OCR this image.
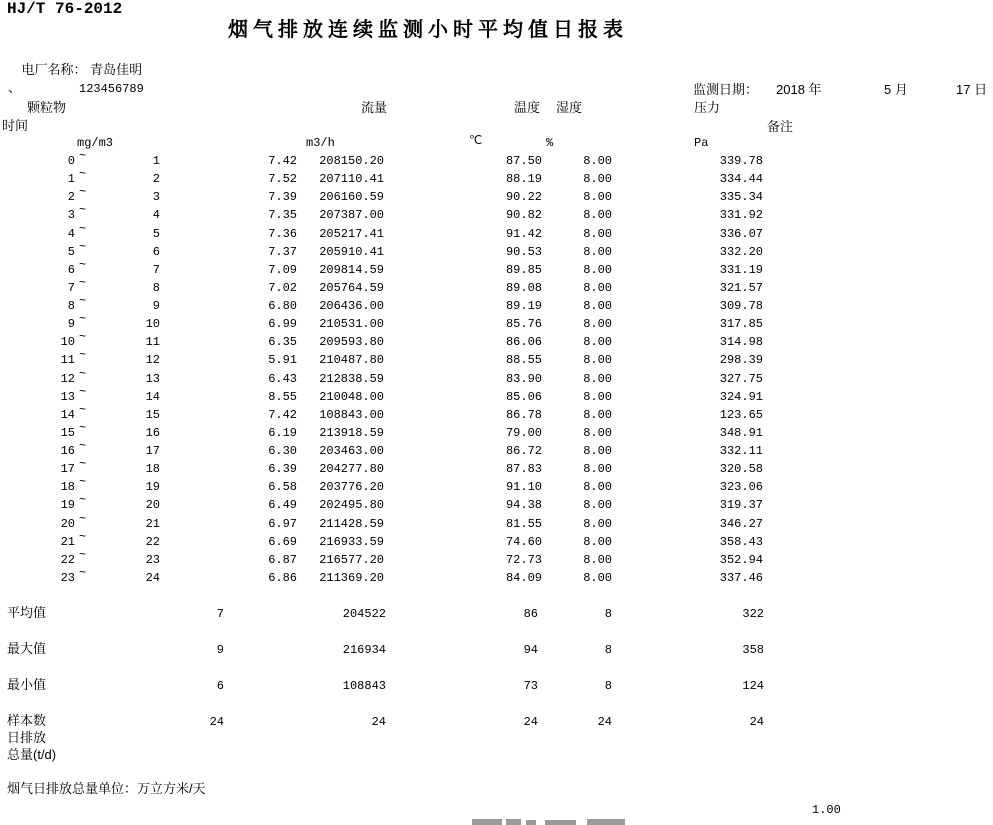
HJ/T 76-2012
烟气排放连续监测小时平均值日报表

电厂名称： 青岛佳明

、	123456789	监测日期： 2018 年	5 月	17 日
颗粒物	流量	温度 湿度	压力
时间	备注
mg/m3	m3/h	℃	%	Pa
0	1	7.42	208150.20	87.50	8.00	339.78
~
1	2	7.52	207110.41	88.19	8.00	334.44
~
2	3	7.39	206160.59	90.22	8.00	335.34
~
3	4	7.35	207387.00	90.82	8.00	331.92
~
4	5	7.36	205217.41	91.42	8.00	336.07
~
5	6	7.37	205910.41	90.53	8.00	332.20
~
6	7	7.09	209814.59	89.85	8.00	331.19
~
7	8	7.02	205764.59	89.08	8.00	321.57
~
8	9	6.80	206436.00	89.19	8.00	309.78
~
9	10	6.99	210531.00	85.76	8.00	317.85
~
10	11	6.35	209593.80	86.06	8.00	314.98
~
11	12	5.91	210487.80	88.55	8.00	298.39
~
12	13	6.43	212838.59	83.90	8.00	327.75
~
13	14	8.55	210048.00	85.06	8.00	324.91
~
14	15	7.42	108843.00	86.78	8.00	123.65
~
15	16	6.19	213918.59	79.00	8.00	348.91
~
16	17	6.30	203463.00	86.72	8.00	332.11
~
17	18	6.39	204277.80	87.83	8.00	320.58
~
18	19	6.58	203776.20	91.10	8.00	323.06
~
19	20	6.49	202495.80	94.38	8.00	319.37
~
20	21	6.97	211428.59	81.55	8.00	346.27
~
21	22	6.69	216933.59	74.60	8.00	358.43
~
22	23	6.87	216577.20	72.73	8.00	352.94
~
23	24	6.86	211369.20	84.09	8.00	337.46
~
平均值	7	204522	86	8	322
最大值	9	216934	94	8	358
最小值	6	108843	73	8	124
样本数	24	24	24	24	24
日排放
总量(t/d)
烟气日排放总量单位：万立方米/天
1.00
